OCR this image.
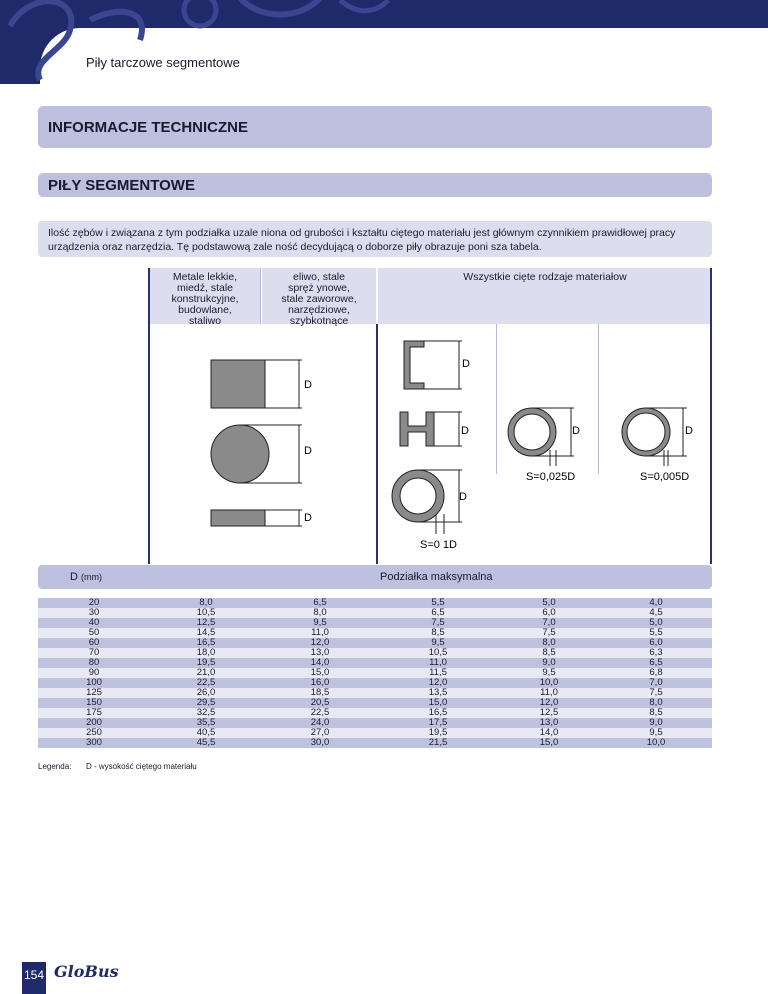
Piły tarczowe segmentowe
INFORMACJE TECHNICZNE
PIŁY SEGMENTOWE
Ilość zębów i związana z tym podziałka uzale niona od grubości i kształtu ciętego materiału jest głównym czynnikiem prawidłowej pracy urządzenia oraz narzędzia. Tę podstawową zale ność decydującą o doborze piły obrazuje poni sza tabela.
Metale lekkie,
miedź, stale
konstrukcyjne,
budowlane,
staliwo
eliwo, stale
spręż ynowe,
stale zaworowe,
narzędziowe,
szybkotnące
Wszystkie cięte rodzaje materiałow
D
D
D
D
D
D
S=0 1D
D
S=0,025D
D
S=0,005D
D (mm)	Podziałka maksymalna
20	8,0	6,5	5,5	5,0	4,0
30	10,5	8,0	6,5	6,0	4,5
40	12,5	9,5	7,5	7,0	5,0
50	14,5	11,0	8,5	7,5	5,5
60	16,5	12,0	9,5	8,0	6,0
70	18,0	13,0	10,5	8,5	6,3
80	19,5	14,0	11,0	9,0	6,5
90	21,0	15,0	11,5	9,5	6,8
100	22,5	16,0	12,0	10,0	7,0
125	26,0	18,5	13,5	11,0	7,5
150	29,5	20,5	15,0	12,0	8,0
175	32,5	22,5	16,5	12,5	8,5
200	35,5	24,0	17,5	13,0	9,0
250	40,5	27,0	19,5	14,0	9,5
300	45,5	30,0	21,5	15,0	10,0
Legenda: D - wysokość ciętego materiału
154 GloBus
